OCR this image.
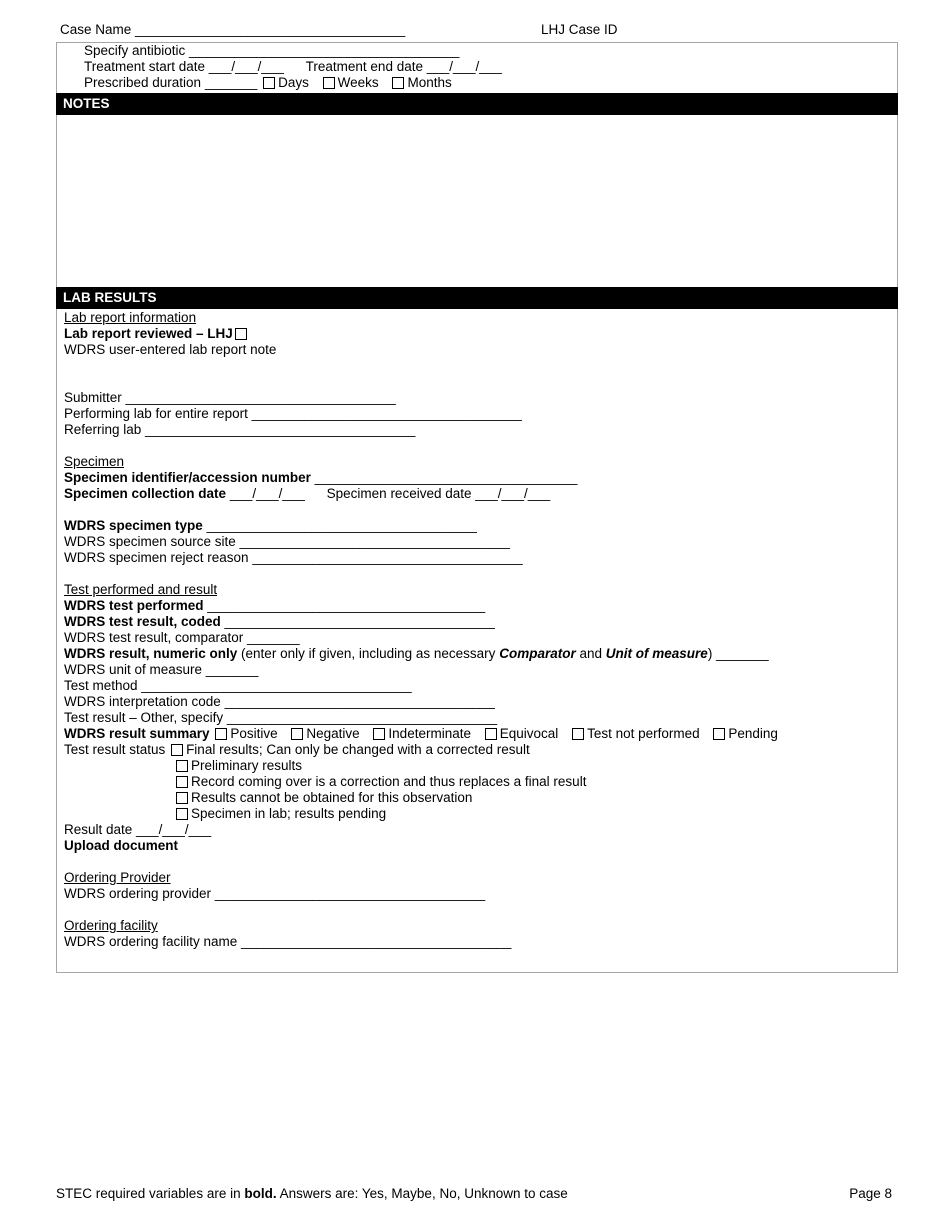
Case Name ____________________________________	LHJ Case ID
Specify antibiotic ____________________________________
Treatment start date ___/___/___ Treatment end date ___/___/___
Prescribed duration _______ Days Weeks Months
NOTES
LAB RESULTS
Lab report information
Lab report reviewed – LHJ
WDRS user-entered lab report note
Submitter ____________________________________
Performing lab for entire report ____________________________________
Referring lab ____________________________________
Specimen
Specimen identifier/accession number ___________________________________
Specimen collection date ___/___/___ Specimen received date ___/___/___
WDRS specimen type ____________________________________
WDRS specimen source site ____________________________________
WDRS specimen reject reason ____________________________________
Test performed and result
WDRS test performed _____________________________________
WDRS test result, coded ____________________________________
WDRS test result, comparator _______
WDRS result, numeric only (enter only if given, including as necessary Comparator and Unit of measure) _______
WDRS unit of measure _______
Test method ____________________________________
WDRS interpretation code ____________________________________
Test result – Other, specify ____________________________________
WDRS result summary Positive Negative Indeterminate Equivocal Test not performed Pending
Test result status Final results; Can only be changed with a corrected result
Preliminary results
Record coming over is a correction and thus replaces a final result
Results cannot be obtained for this observation
Specimen in lab; results pending
Result date ___/___/___
Upload document
Ordering Provider
WDRS ordering provider ____________________________________
Ordering facility
WDRS ordering facility name ____________________________________
STEC required variables are in bold. Answers are: Yes, Maybe, No, Unknown to case	Page 8
